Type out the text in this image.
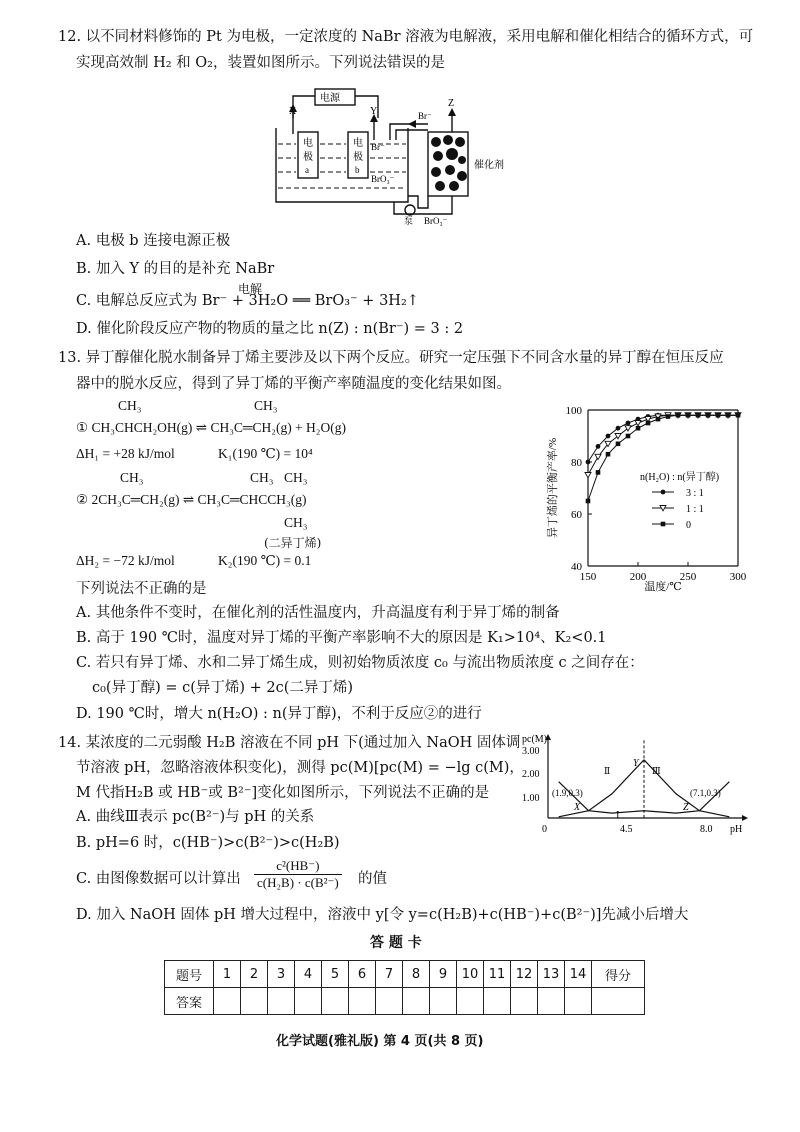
12. 以不同材料修饰的 Pt 为电极，一定浓度的 NaBr 溶液为电解液，采用电解和催化相结合的循环方式，可
实现高效制 H₂ 和 O₂，装置如图所示。下列说法错误的是
电源
X	Y
Z
电
极
a
电
极
b
Br⁻
Br⁻
BrO₃⁻
催化剂
泵 BrO₃⁻
A. 电极 b 连接电源正极
B. 加入 Y 的目的是补充 NaBr
电解
C. 电解总反应式为 Br⁻ + 3H₂O ══ BrO₃⁻ + 3H₂↑
D. 催化阶段反应产物的物质的量之比 n(Z) : n(Br⁻) = 3 : 2
13. 异丁醇催化脱水制备异丁烯主要涉及以下两个反应。研究一定压强下不同含水量的异丁醇在恒压反应
器中的脱水反应，得到了异丁烯的平衡产率随温度的变化结果如图。
CH₃	CH₃
① CH₃CHCH₂OH(g) ⇌ CH₃C═CH₂(g) + H₂O(g)
ΔH₁ = +28 kJ/mol	K₁(190 ℃) = 10⁴
CH₃	CH₃ CH₃
② 2CH₃C═CH₂(g) ⇌ CH₃C═CHCCH₃(g)
CH₃
(二异丁烯)
ΔH₂ = −72 kJ/mol	K₂(190 ℃) = 0.1	40
60
80
100
150	200	250	300
异丁烯的平衡产率/%
温度/℃
n(H₂O) : n(异丁醇)
3 : 1
1 : 1
0
下列说法不正确的是
A. 其他条件不变时，在催化剂的活性温度内，升高温度有利于异丁烯的制备
B. 高于 190 ℃时，温度对异丁烯的平衡产率影响不大的原因是 K₁>10⁴、K₂<0.1
C. 若只有异丁烯、水和二异丁烯生成，则初始物质浓度 c₀ 与流出物质浓度 c 之间存在：
c₀(异丁醇) = c(异丁烯) + 2c(二异丁烯)
D. 190 ℃时，增大 n(H₂O) : n(异丁醇)，不利于反应②的进行
14. 某浓度的二元弱酸 H₂B 溶液在不同 pH 下(通过加入 NaOH 固体调
节溶液 pH，忽略溶液体积变化)，测得 pc(M)[pc(M) = −lg c(M)，
M 代指H₂B 或 HB⁻或 B²⁻]变化如图所示，下列说法不正确的是
pc(M)
3.00
2.00
1.00
0	4.5	8.0 pH
(1.9,0.3)	(7.1,0.3)
X
Y
Z
Ⅰ
Ⅱ	Ⅲ
A. 曲线Ⅲ表示 pc(B²⁻)与 pH 的关系
B. pH=6 时，c(HB⁻)>c(B²⁻)>c(H₂B)
C. 由图像数据可以计算出 $\frac{\text{c²(HB⁻)}}{\text{c(H₂B) · c(B²⁻)}}$ 的值
D. 加入 NaOH 固体 pH 增大过程中，溶液中 y[令 y=c(H₂B)+c(HB⁻)+c(B²⁻)]先减小后增大
答 题 卡
题号	1	2	3	4	5	6	7	8	9	10	11	12	13	14	得分
答案															
化学试题(雅礼版) 第 4 页(共 8 页)
